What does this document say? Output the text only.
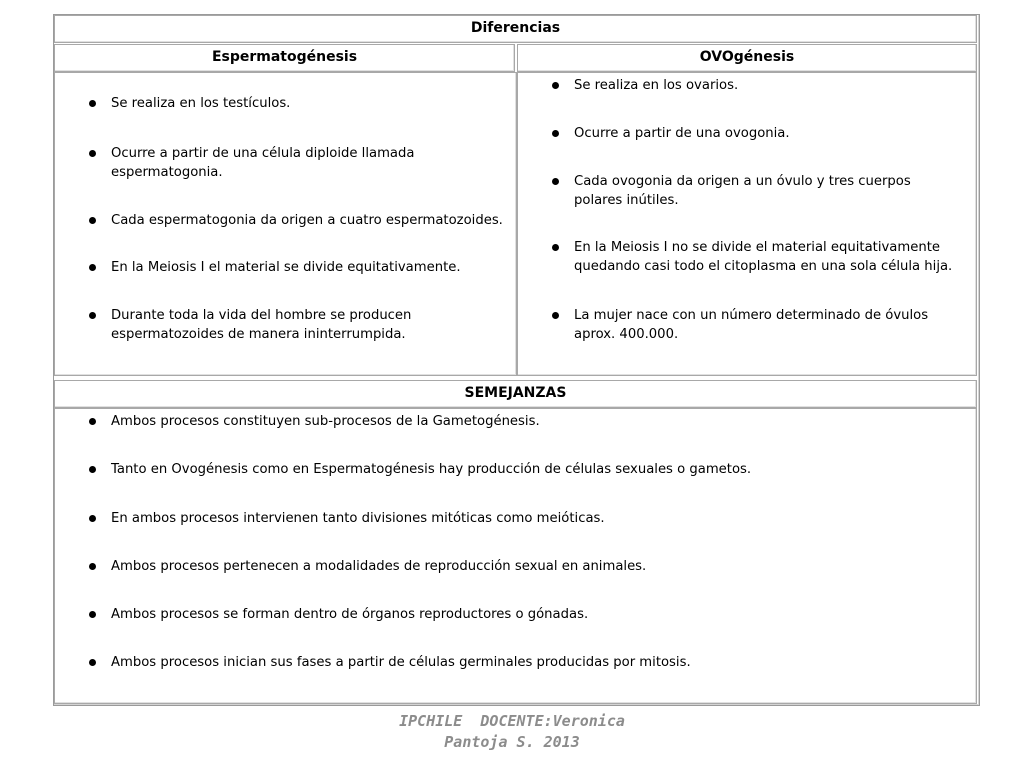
Diferencias
Espermatogénesis	OVOgénesis
Se realiza en los testículos.
Ocurre a partir de una célula diploide llamada espermatogonia.
Cada espermatogonia da origen a cuatro espermatozoides.
En la Meiosis I el material se divide equitativamente.
Durante toda la vida del hombre se producen espermatozoides de manera ininterrumpida.
Se realiza en los ovarios.
Ocurre a partir de una ovogonia.
Cada ovogonia da origen a un óvulo y tres cuerpos polares inútiles.
En la Meiosis I no se divide el material equitativamente quedando casi todo el citoplasma en una sola célula hija.
La mujer nace con un número determinado de óvulos aprox. 400.000.
SEMEJANZAS
Ambos procesos constituyen sub-procesos de la Gametogénesis.
Tanto en Ovogénesis como en Espermatogénesis hay producción de células sexuales o gametos.
En ambos procesos intervienen tanto divisiones mitóticas como meióticas.
Ambos procesos pertenecen a modalidades de reproducción sexual en animales.
Ambos procesos se forman dentro de órganos reproductores o gónadas.
Ambos procesos inician sus fases a partir de células germinales producidas por mitosis.
IPCHILE  DOCENTE:Veronica
Pantoja S. 2013
